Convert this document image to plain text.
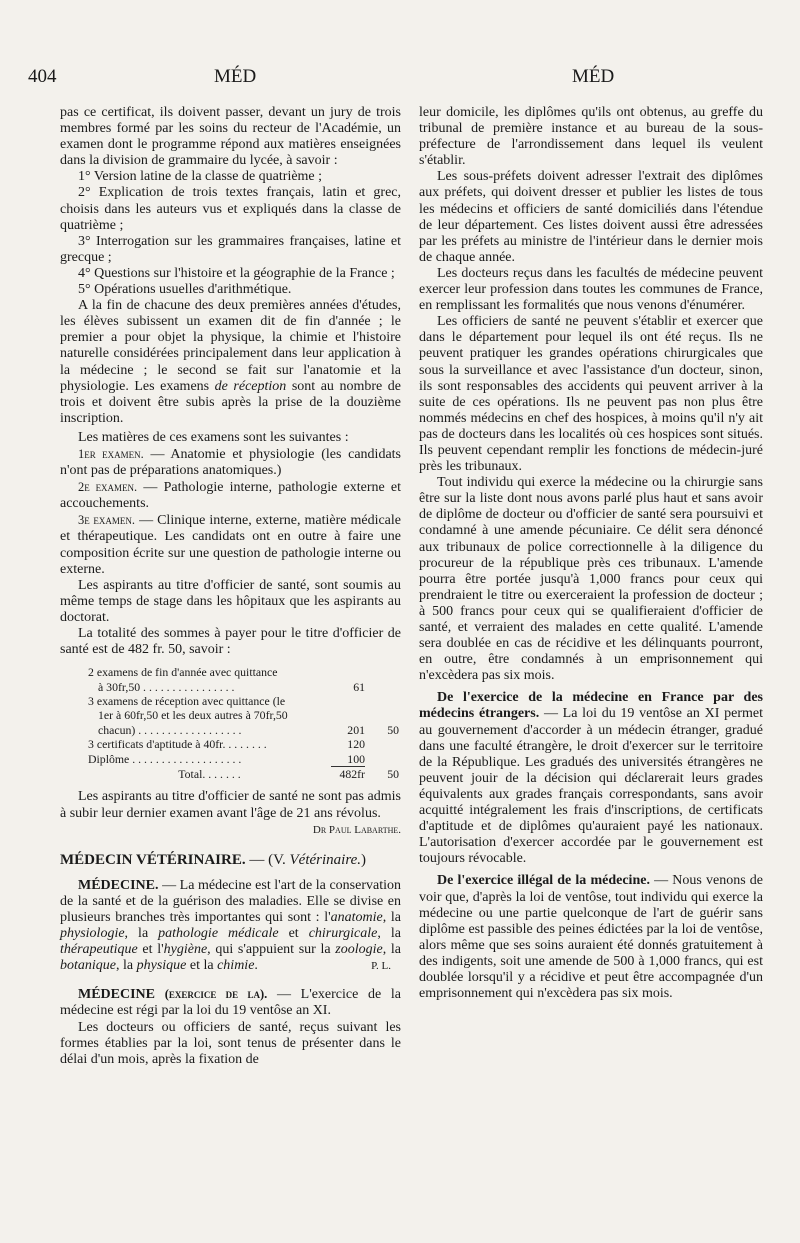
404	MÉD	MÉD

pas ce certificat, ils doivent passer, devant un jury de trois membres formé par les soins du recteur de l'Académie, un examen dont le programme répond aux matières enseignées dans la division de grammaire du lycée, à savoir :

1° Version latine de la classe de quatrième ;

2° Explication de trois textes français, latin et grec, choisis dans les auteurs vus et expliqués dans la classe de quatrième ;

3° Interrogation sur les grammaires françaises, latine et grecque ;

4° Questions sur l'histoire et la géographie de la France ;

5° Opérations usuelles d'arithmétique.

A la fin de chacune des deux premières années d'études, les élèves subissent un examen dit de fin d'année ; le premier a pour objet la physique, la chimie et l'histoire naturelle considérées principalement dans leur application à la médecine ; le second se fait sur l'anatomie et la physiologie. Les examens de réception sont au nombre de trois et doivent être subis après la prise de la douzième inscription.

Les matières de ces examens sont les suivantes :

1er examen. — Anatomie et physiologie (les candidats n'ont pas de préparations anatomiques.)

2e examen. — Pathologie interne, pathologie externe et accouchements.

3e examen. — Clinique interne, externe, matière médicale et thérapeutique. Les candidats ont en outre à faire une composition écrite sur une question de pathologie interne ou externe.

Les aspirants au titre d'officier de santé, sont soumis au même temps de stage dans les hôpitaux que les aspirants au doctorat.

La totalité des sommes à payer pour le titre d'officier de santé est de 482 fr. 50, savoir :

2 examens de fin d'année avec quittance
à 30fr,50 . . . . . . . . . . . . . . . .	61
3 examens de réception avec quittance (le
1er à 60fr,50 et les deux autres à 70fr,50
chacun) . . . . . . . . . . . . . . . . . .	201	50
3 certificats d'aptitude à 40fr. . . . . . . .	120
Diplôme . . . . . . . . . . . . . . . . . . .	100
Total. . . . . . .	482fr	50

Les aspirants au titre d'officier de santé ne sont pas admis à subir leur dernier examen avant l'âge de 21 ans révolus.

Dr Paul Labarthe.

MÉDECIN VÉTÉRINAIRE. — (V. Vétérinaire.)

MÉDECINE. — La médecine est l'art de la conservation de la santé et de la guérison des maladies. Elle se divise en plusieurs branches très importantes qui sont : l'anatomie, la physiologie, la pathologie médicale et chirurgicale, la thérapeutique et l'hygiène, qui s'appuient sur la zoologie, la botanique, la physique et la chimie.	P. L.

MÉDECINE (exercice de la). — L'exercice de la médecine est régi par la loi du 19 ventôse an XI.

Les docteurs ou officiers de santé, reçus suivant les formes établies par la loi, sont tenus de présenter dans le délai d'un mois, après la fixation de

leur domicile, les diplômes qu'ils ont obtenus, au greffe du tribunal de première instance et au bureau de la sous-préfecture de l'arrondissement dans lequel ils veulent s'établir.

Les sous-préfets doivent adresser l'extrait des diplômes aux préfets, qui doivent dresser et publier les listes de tous les médecins et officiers de santé domiciliés dans l'étendue de leur département. Ces listes doivent aussi être adressées par les préfets au ministre de l'intérieur dans le dernier mois de chaque année.

Les docteurs reçus dans les facultés de médecine peuvent exercer leur profession dans toutes les communes de France, en remplissant les formalités que nous venons d'énumérer.

Les officiers de santé ne peuvent s'établir et exercer que dans le département pour lequel ils ont été reçus. Ils ne peuvent pratiquer les grandes opérations chirurgicales que sous la surveillance et avec l'assistance d'un docteur, sinon, ils sont responsables des accidents qui peuvent arriver à la suite de ces opérations. Ils ne peuvent pas non plus être nommés médecins en chef des hospices, à moins qu'il n'y ait pas de docteurs dans les localités où ces hospices sont situés. Ils peuvent cependant remplir les fonctions de médecin-juré près les tribunaux.

Tout individu qui exerce la médecine ou la chirurgie sans être sur la liste dont nous avons parlé plus haut et sans avoir de diplôme de docteur ou d'officier de santé sera poursuivi et condamné à une amende pécuniaire. Ce délit sera dénoncé aux tribunaux de police correctionnelle à la diligence du procureur de la république près ces tribunaux. L'amende pourra être portée jusqu'à 1,000 francs pour ceux qui prendraient le titre ou exerceraient la profession de docteur ; à 500 francs pour ceux qui se qualifieraient d'officier de santé, et verraient des malades en cette qualité. L'amende sera doublée en cas de récidive et les délinquants pourront, en outre, être condamnés à un emprisonnement qui n'excèdera pas six mois.

De l'exercice de la médecine en France par des médecins étrangers. — La loi du 19 ventôse an XI permet au gouvernement d'accorder à un médecin étranger, gradué dans une faculté étrangère, le droit d'exercer sur le territoire de la République. Les gradués des universités étrangères ne peuvent jouir de la décision qui déclarerait leurs grades équivalents aux grades français correspondants, sans avoir acquitté intégralement les frais d'inscriptions, de certificats d'aptitude et de diplômes qu'auraient payé les nationaux. L'autorisation d'exercer accordée par le gouvernement est toujours révocable.

De l'exercice illégal de la médecine. — Nous venons de voir que, d'après la loi de ventôse, tout individu qui exerce la médecine ou une partie quelconque de l'art de guérir sans diplôme est passible des peines édictées par la loi de ventôse, alors même que ses soins auraient été donnés gratuitement à des indigents, soit une amende de 500 à 1,000 francs, qui est doublée lorsqu'il y a récidive et peut être accompagnée d'un emprisonnement qui n'excèdera pas six mois.
